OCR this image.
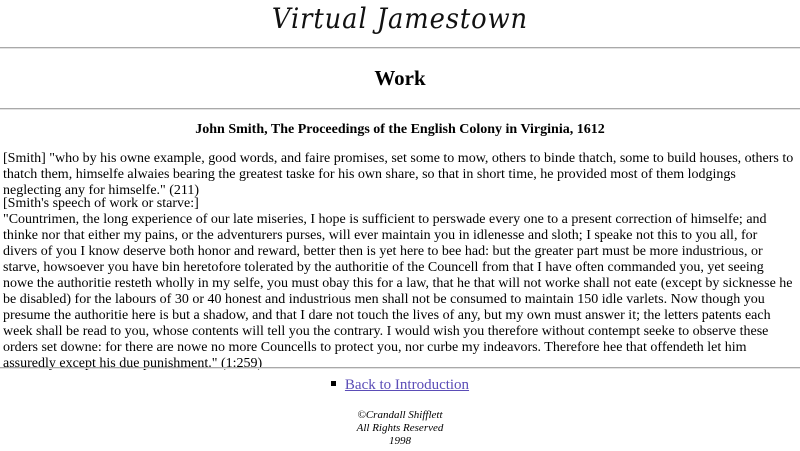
Virtual Jamestown
Work
John Smith, The Proceedings of the English Colony in Virginia, 1612
[Smith] "who by his owne example, good words, and faire promises, set some to mow, others to binde thatch, some to build houses, others to thatch them, himselfe alwaies bearing the greatest taske for his own share, so that in short time, he provided most of them lodgings neglecting any for himselfe." (211)
[Smith's speech of work or starve:]
"Countrimen, the long experience of our late miseries, I hope is sufficient to perswade every one to a present correction of himselfe; and thinke nor that either my pains, or the adventurers purses, will ever maintain you in idlenesse and sloth; I speake not this to you all, for divers of you I know deserve both honor and reward, better then is yet here to bee had: but the greater part must be more industrious, or starve, howsoever you have bin heretofore tolerated by the authoritie of the Councell from that I have often commanded you, yet seeing nowe the authoritie resteth wholly in my selfe, you must obay this for a law, that he that will not worke shall not eate (except by sicknesse he be disabled) for the labours of 30 or 40 honest and industrious men shall not be consumed to maintain 150 idle varlets. Now though you presume the authoritie here is but a shadow, and that I dare not touch the lives of any, but my own must answer it; the letters patents each week shall be read to you, whose contents will tell you the contrary. I would wish you therefore without contempt seeke to observe these orders set downe: for there are nowe no more Councells to protect you, nor curbe my indeavors. Therefore hee that offendeth let him assuredly except his due punishment." (1:259)
Back to Introduction
©Crandall Shifflett
All Rights Reserved
1998
